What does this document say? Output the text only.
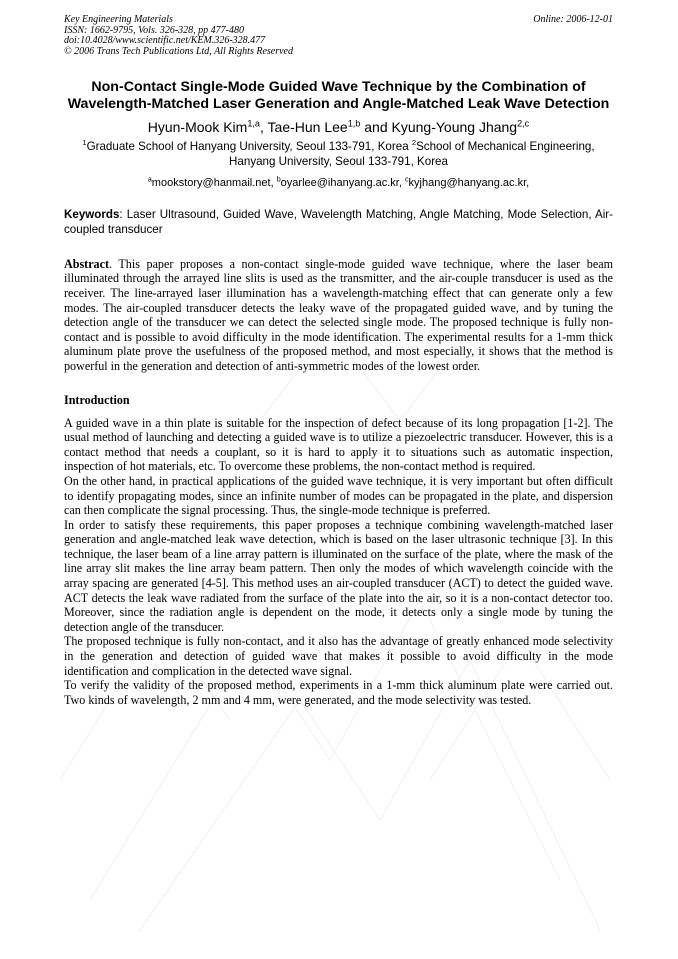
Key Engineering Materials
ISSN: 1662-9795, Vols. 326-328, pp 477-480
doi:10.4028/www.scientific.net/KEM.326-328.477
© 2006 Trans Tech Publications Ltd, All Rights Reserved
Online: 2006-12-01
Non-Contact Single-Mode Guided Wave Technique by the Combination of Wavelength-Matched Laser Generation and Angle-Matched Leak Wave Detection
Hyun-Mook Kim$^{1,a}$, Tae-Hun Lee$^{1,b}$ and Kyung-Young Jhang$^{2,c}$
$^1$Graduate School of Hanyang University, Seoul 133-791, Korea $^2$School of Mechanical Engineering, Hanyang University, Seoul 133-791, Korea
$^a$mookstory@hanmail.net, $^b$oyarlee@ihanyang.ac.kr, $^c$kyjhang@hanyang.ac.kr,
Keywords: Laser Ultrasound, Guided Wave, Wavelength Matching, Angle Matching, Mode Selection, Air-coupled transducer
Abstract. This paper proposes a non-contact single-mode guided wave technique, where the laser beam illuminated through the arrayed line slits is used as the transmitter, and the air-couple transducer is used as the receiver. The line-arrayed laser illumination has a wavelength-matching effect that can generate only a few modes. The air-coupled transducer detects the leaky wave of the propagated guided wave, and by tuning the detection angle of the transducer we can detect the selected single mode. The proposed technique is fully non-contact and is possible to avoid difficulty in the mode identification. The experimental results for a 1-mm thick aluminum plate prove the usefulness of the proposed method, and most especially, it shows that the method is powerful in the generation and detection of anti-symmetric modes of the lowest order.
Introduction

A guided wave in a thin plate is suitable for the inspection of defect because of its long propagation [1-2]. The usual method of launching and detecting a guided wave is to utilize a piezoelectric transducer. However, this is a contact method that needs a couplant, so it is hard to apply it to situations such as automatic inspection, inspection of hot materials, etc. To overcome these problems, the non-contact method is required.

On the other hand, in practical applications of the guided wave technique, it is very important but often difficult to identify propagating modes, since an infinite number of modes can be propagated in the plate, and dispersion can then complicate the signal processing. Thus, the single-mode technique is preferred.

In order to satisfy these requirements, this paper proposes a technique combining wavelength-matched laser generation and angle-matched leak wave detection, which is based on the laser ultrasonic technique [3]. In this technique, the laser beam of a line array pattern is illuminated on the surface of the plate, where the mask of the line array slit makes the line array beam pattern. Then only the modes of which wavelength coincide with the array spacing are generated [4-5]. This method uses an air-coupled transducer (ACT) to detect the guided wave. ACT detects the leak wave radiated from the surface of the plate into the air, so it is a non-contact detector too. Moreover, since the radiation angle is dependent on the mode, it detects only a single mode by tuning the detection angle of the transducer.

The proposed technique is fully non-contact, and it also has the advantage of greatly enhanced mode selectivity in the generation and detection of guided wave that makes it possible to avoid difficulty in the mode identification and complication in the detected wave signal.

To verify the validity of the proposed method, experiments in a 1-mm thick aluminum plate were carried out. Two kinds of wavelength, 2 mm and 4 mm, were generated, and the mode selectivity was tested.
